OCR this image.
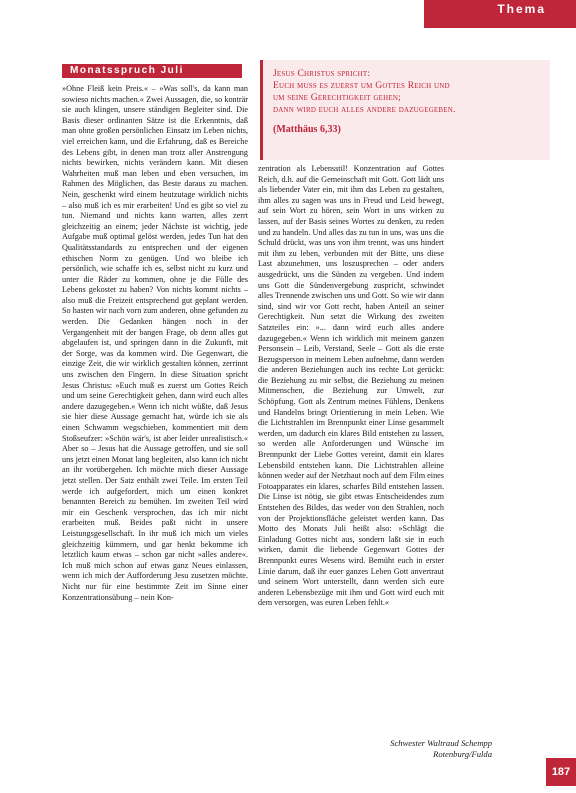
Thema
Monatsspruch Juli	Jesus Christus spricht:

Euch muss es zuerst um Gottes Reich und

um seine Gerechtigkeit gehen;

dann wird euch alles andere dazugegeben.

(Matthäus 6,33)

»Ohne Fleiß kein Preis.« – »Was soll's, da kann man sowieso nichts machen.« Zwei Aussagen, die, so konträr sie auch klingen, unsere ständigen Begleiter sind. Die Basis dieser ordinanten Sätze ist die Erkenntnis, daß man ohne großen persönlichen Einsatz im Leben nichts, viel erreichen kann, und die Erfahrung, daß es Bereiche des Lebens gibt, in denen man trotz aller Anstrengung nichts bewirken, nichts verändern kann. Mit diesen Wahrheiten muß man leben und eben versuchen, im Rahmen des Möglichen, das Beste daraus zu machen. Nein, geschenkt wird einem heutzutage wirklich nichts – also muß ich es mir erarbeiten! Und es gibt so viel zu tun. Niemand und nichts kann warten, alles zerrt gleichzeitig an einem; jeder Nächste ist wichtig, jede Aufgabe muß optimal gelöst werden, jedes Tun hat den Qualitätsstandards zu entsprechen und der eigenen ethischen Norm zu genügen. Und wo bleibe ich persönlich, wie schaffe ich es, selbst nicht zu kurz und unter die Räder zu kommen, ohne je die Fülle des Lebens gekostet zu haben? Von nichts kommt nichts – also muß die Freizeit entsprechend gut geplant werden. So hasten wir nach vorn zum anderen, ohne gefunden zu werden. Die Gedanken hängen noch in der Vergangenheit mit der bangen Frage, ob denn alles gut abgelaufen ist, und springen dann in die Zukunft, mit der Sorge, was da kommen wird. Die Gegenwart, die einzige Zeit, die wir wirklich gestalten können, zerrinnt uns zwischen den Fingern. In diese Situation spricht Jesus Christus: »Euch muß es zuerst um Gottes Reich und um seine Gerechtigkeit gehen, dann wird euch alles andere dazugegeben.« Wenn ich nicht wüßte, daß Jesus sie hier diese Aussage gemacht hat, würde ich sie als einen Schwamm wegschieben, kommentiert mit dem Stoßseufzer: »Schön wär's, ist aber leider unrealistisch.« Aber so – Jesus hat die Aussage getroffen, und sie soll uns jetzt einen Monat lang begleiten, also kann ich nicht an ihr vorübergehen. Ich möchte mich dieser Aussage jetzt stellen. Der Satz enthält zwei Teile. Im ersten Teil werde ich aufgefordert, mich um einen konkret benannten Bereich zu bemühen. Im zweiten Teil wird mir ein Geschenk versprochen, das ich mir nicht erarbeiten muß. Beides paßt nicht in unsere Leistungsgesellschaft. In ihr muß ich mich um vieles gleichzeitig kümmern, und gar henkt bekomme ich letztlich kaum etwas – schon gar nicht »alles andere«. Ich muß mich schon auf etwas ganz Neues einlassen, wenn ich mich der Aufforderung Jesu zusetzen möchte. Nicht nur für eine bestimmte Zeit im Sinne einer Konzentrationsübung – nein Kon-

zentration als Lebensstil! Konzentration auf Gottes Reich, d.h. auf die Gemeinschaft mit Gott. Gott lädt uns als liebender Vater ein, mit ihm das Leben zu gestalten, ihm alles zu sagen was uns in Freud und Leid bewegt, auf sein Wort zu hören, sein Wort in uns wirken zu lassen, auf der Basis seines Wortes zu denken, zu reden und zu handeln. Und alles das zu tun in uns, was uns die Schuld drückt, was uns von ihm trennt, was uns hindert mit ihm zu leben, verbunden mit der Bitte, uns diese Last abzunehmen, uns loszusprechen – oder anders ausgedrückt, uns die Sünden zu vergeben. Und indem uns Gott die Sündenvergebung zuspricht, schwindet alles Trennende zwischen uns und Gott. So wie wir dann sind, sind wir vor Gott recht, haben Anteil an seiner Gerechtigkeit. Nun setzt die Wirkung des zweiten Satzteiles ein: »... dann wird euch alles andere dazugegeben.« Wenn ich wirklich mit meinem ganzen Personsein – Leib, Verstand, Seele – Gott als die erste Bezugsperson in meinem Leben aufnehme, dann werden die anderen Beziehungen auch ins rechte Lot gerückt: die Beziehung zu mir selbst, die Beziehung zu meinen Mitmenschen, die Beziehung zur Umwelt, zur Schöpfung. Gott als Zentrum meines Fühlens, Denkens und Handelns bringt Orientierung in mein Leben. Wie die Lichtstrahlen im Brennpunkt einer Linse gesammelt werden, um dadurch ein klares Bild entstehen zu lassen, so werden alle Anforderungen und Wünsche im Brennpunkt der Liebe Gottes vereint, damit ein klares Lebensbild entstehen kann. Die Lichtstrahlen alleine können weder auf der Netzhaut noch auf dem Film eines Fotoapparates ein klares, scharfes Bild entstehen lassen. Die Linse ist nötig, sie gibt etwas Entscheidendes zum Entstehen des Bildes, das weder von den Strahlen, noch von der Projektionsfläche geleistet werden kann. Das Motto des Monats Juli heißt also: »Schlägt die Einladung Gottes nicht aus, sondern laßt sie in euch wirken, damit die liebende Gegenwart Gottes der Brennpunkt eures Wesens wird. Bemüht euch in erster Linie darum, daß ihr euer ganzes Leben Gott anvertraut und seinem Wort unterstellt, dann werden sich eure anderen Lebensbezüge mit ihm und Gott wird euch mit dem versorgen, was euren Leben fehlt.«

Schwester Waltraud Schempp
Rotenburg/Fulda
187
